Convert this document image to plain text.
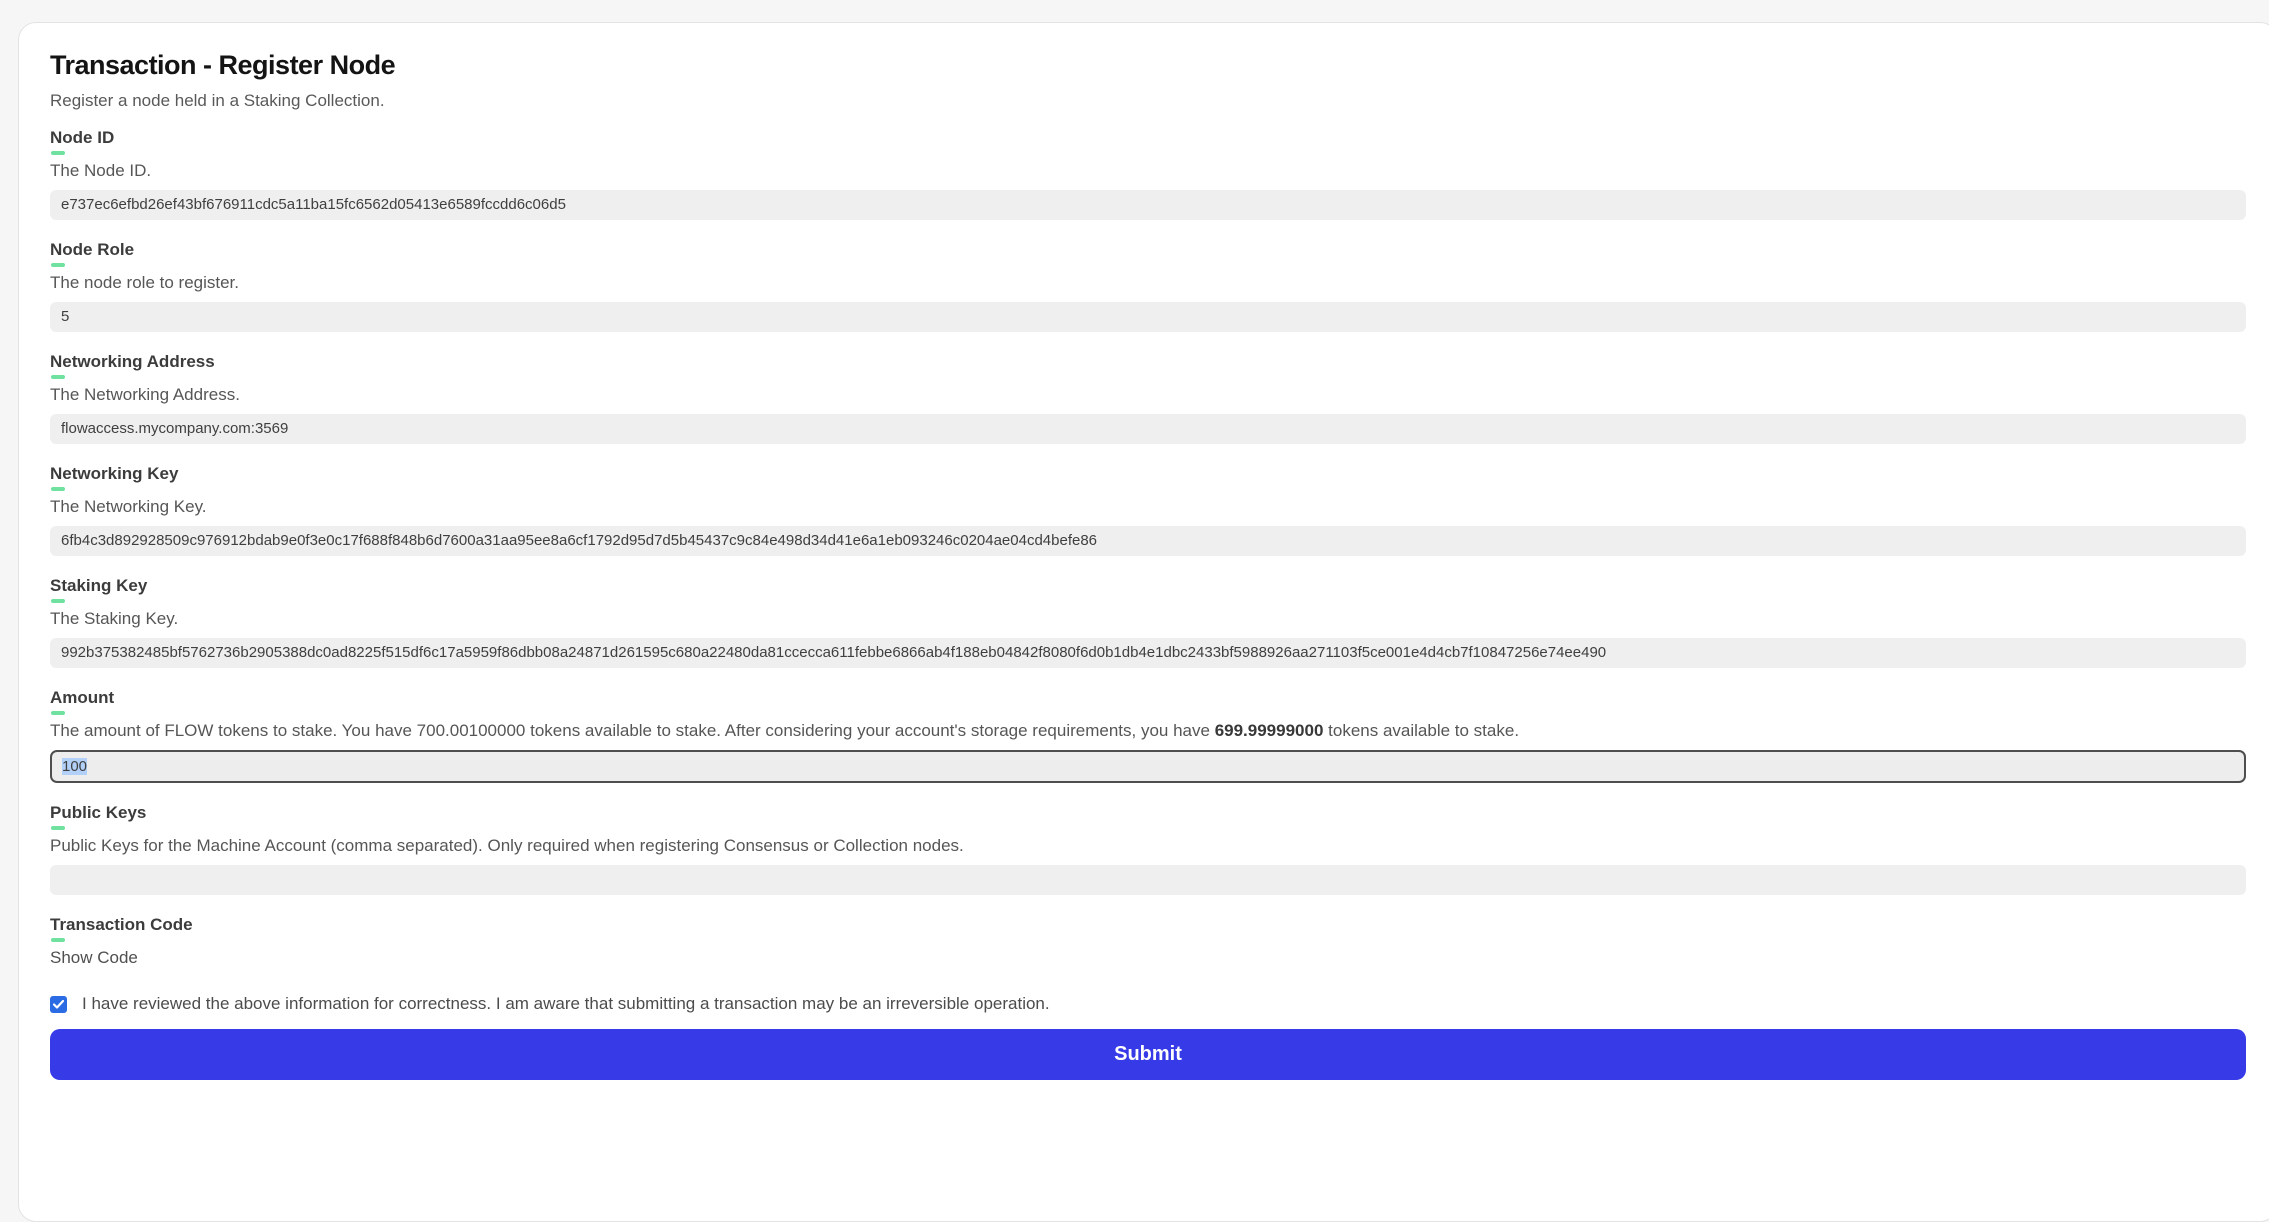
Transaction - Register Node

Register a node held in a Staking Collection.

Node ID

The Node ID.

e737ec6efbd26ef43bf676911cdc5a11ba15fc6562d05413e6589fccdd6c06d5
Node Role

The node role to register.

5
Networking Address

The Networking Address.

flowaccess.mycompany.com:3569
Networking Key

The Networking Key.

6fb4c3d892928509c976912bdab9e0f3e0c17f688f848b6d7600a31aa95ee8a6cf1792d95d7d5b45437c9c84e498d34d41e6a1eb093246c0204ae04cd4befe86
Staking Key

The Staking Key.

992b375382485bf5762736b2905388dc0ad8225f515df6c17a5959f86dbb08a24871d261595c680a22480da81ccecca611febbe6866ab4f188eb04842f8080f6d0b1db4e1dbc2433bf5988926aa271103f5ce001e4d4cb7f10847256e74ee490
Amount

The amount of FLOW tokens to stake. You have 700.00100000 tokens available to stake. After considering your account's storage requirements, you have 699.99999000 tokens available to stake.

100
Public Keys

Public Keys for the Machine Account (comma separated). Only required when registering Consensus or Collection nodes.

Transaction Code
Show Code
I have reviewed the above information for correctness. I am aware that submitting a transaction may be an irreversible operation.
Submit
